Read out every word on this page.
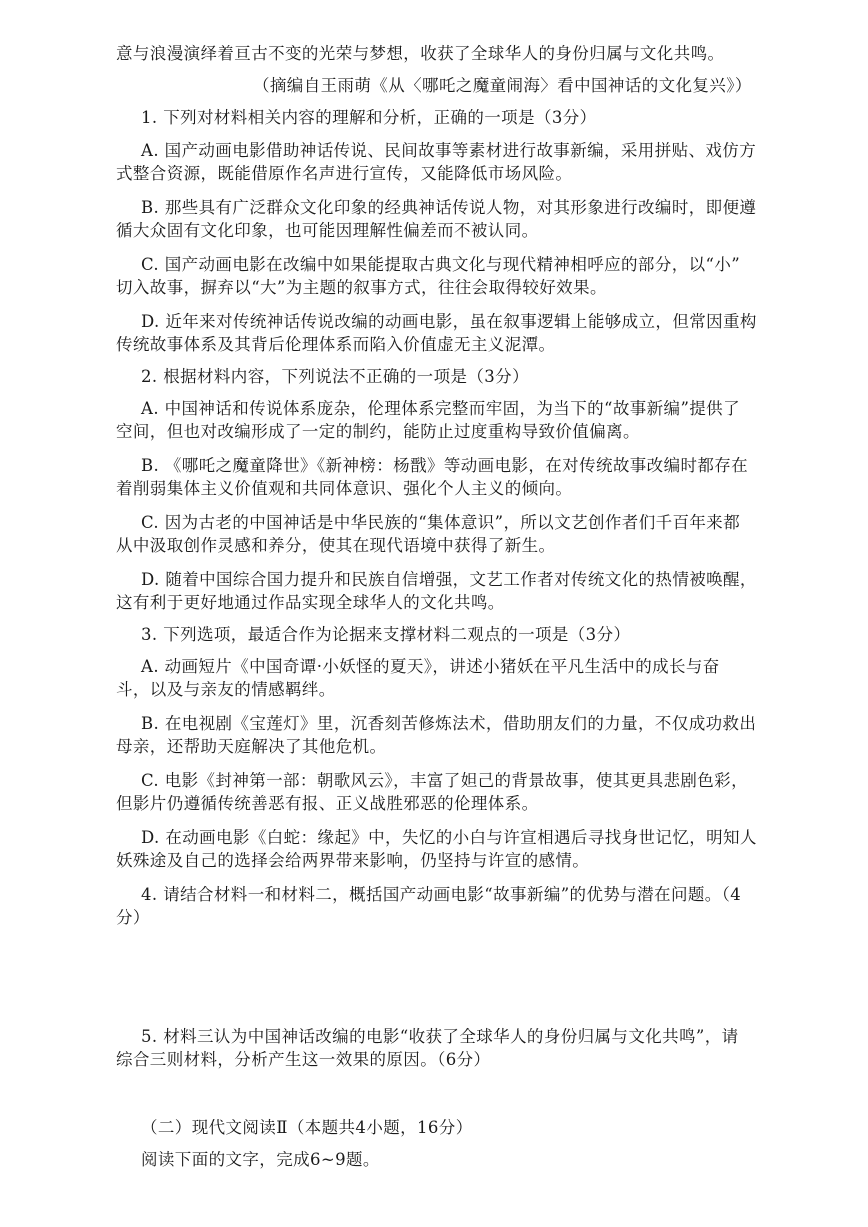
意与浪漫演绎着亘古不变的光荣与梦想，收获了全球华人的身份归属与文化共鸣。
（摘编自王雨萌《从〈哪吒之魔童闹海〉看中国神话的文化复兴》）
1. 下列对材料相关内容的理解和分析，正确的一项是（3分）
A. 国产动画电影借助神话传说、民间故事等素材进行故事新编，采用拼贴、戏仿方
式整合资源，既能借原作名声进行宣传，又能降低市场风险。
B. 那些具有广泛群众文化印象的经典神话传说人物，对其形象进行改编时，即便遵
循大众固有文化印象，也可能因理解性偏差而不被认同。
C. 国产动画电影在改编中如果能提取古典文化与现代精神相呼应的部分，以“小”
切入故事，摒弃以“大”为主题的叙事方式，往往会取得较好效果。
D. 近年来对传统神话传说改编的动画电影，虽在叙事逻辑上能够成立，但常因重构
传统故事体系及其背后伦理体系而陷入价值虚无主义泥潭。
2. 根据材料内容，下列说法不正确的一项是（3分）
A. 中国神话和传说体系庞杂，伦理体系完整而牢固，为当下的“故事新编”提供了
空间，但也对改编形成了一定的制约，能防止过度重构导致价值偏离。
B. 《哪吒之魔童降世》《新神榜：杨戬》等动画电影，在对传统故事改编时都存在
着削弱集体主义价值观和共同体意识、强化个人主义的倾向。
C. 因为古老的中国神话是中华民族的“集体意识”，所以文艺创作者们千百年来都
从中汲取创作灵感和养分，使其在现代语境中获得了新生。
D. 随着中国综合国力提升和民族自信增强，文艺工作者对传统文化的热情被唤醒，
这有利于更好地通过作品实现全球华人的文化共鸣。
3. 下列选项，最适合作为论据来支撑材料二观点的一项是（3分）
A. 动画短片《中国奇谭·小妖怪的夏天》，讲述小猪妖在平凡生活中的成长与奋
斗，以及与亲友的情感羁绊。
B. 在电视剧《宝莲灯》里，沉香刻苦修炼法术，借助朋友们的力量，不仅成功救出
母亲，还帮助天庭解决了其他危机。
C. 电影《封神第一部：朝歌风云》，丰富了妲己的背景故事，使其更具悲剧色彩，
但影片仍遵循传统善恶有报、正义战胜邪恶的伦理体系。
D. 在动画电影《白蛇：缘起》中，失忆的小白与许宣相遇后寻找身世记忆，明知人
妖殊途及自己的选择会给两界带来影响，仍坚持与许宣的感情。
4. 请结合材料一和材料二，概括国产动画电影“故事新编”的优势与潜在问题。（4
分）
5. 材料三认为中国神话改编的电影“收获了全球华人的身份归属与文化共鸣”，请
综合三则材料，分析产生这一效果的原因。（6分）
（二）现代文阅读Ⅱ（本题共4小题，16分）
阅读下面的文字，完成6~9题。
